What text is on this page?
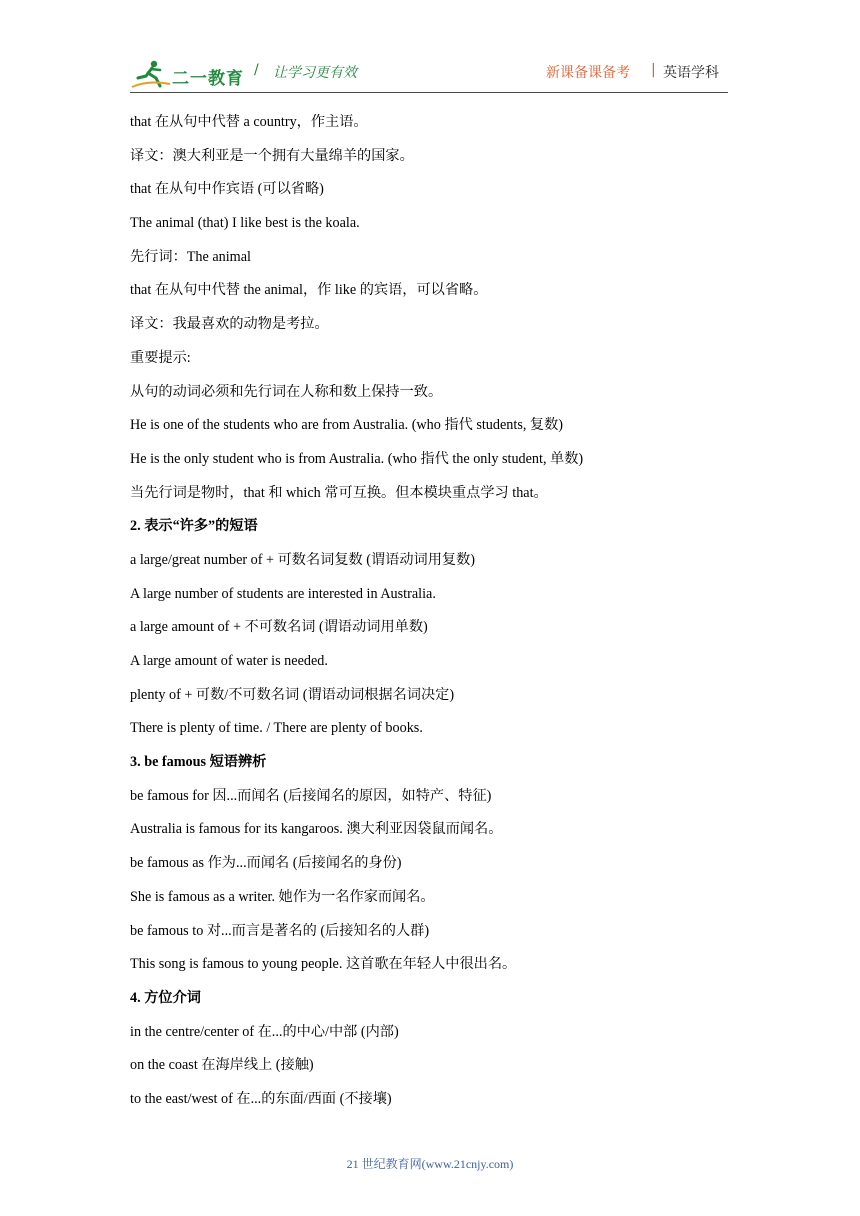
二一教育 / 让学习更有效	新课备课备考 | 英语学科
that 在从句中代替 a country，作主语。
译文：澳大利亚是一个拥有大量绵羊的国家。
that 在从句中作宾语 (可以省略)
The animal (that) I like best is the koala.
先行词：The animal
that 在从句中代替 the animal，作 like 的宾语，可以省略。
译文：我最喜欢的动物是考拉。
重要提示:
从句的动词必须和先行词在人称和数上保持一致。
He is one of the students who are from Australia. (who 指代 students, 复数)
He is the only student who is from Australia. (who 指代 the only student, 单数)
当先行词是物时，that 和 which 常可互换。但本模块重点学习 that。
2. 表示“许多”的短语
a large/great number of + 可数名词复数 (谓语动词用复数)
A large number of students are interested in Australia.
a large amount of + 不可数名词 (谓语动词用单数)
A large amount of water is needed.
plenty of + 可数/不可数名词 (谓语动词根据名词决定)
There is plenty of time. / There are plenty of books.
3. be famous 短语辨析
be famous for 因...而闻名 (后接闻名的原因，如特产、特征)
Australia is famous for its kangaroos. 澳大利亚因袋鼠而闻名。
be famous as 作为...而闻名 (后接闻名的身份)
She is famous as a writer. 她作为一名作家而闻名。
be famous to 对...而言是著名的 (后接知名的人群)
This song is famous to young people. 这首歌在年轻人中很出名。
4. 方位介词
in the centre/center of 在...的中心/中部 (内部)
on the coast 在海岸线上 (接触)
to the east/west of 在...的东面/西面 (不接壤)
21 世纪教育网(www.21cnjy.com)
